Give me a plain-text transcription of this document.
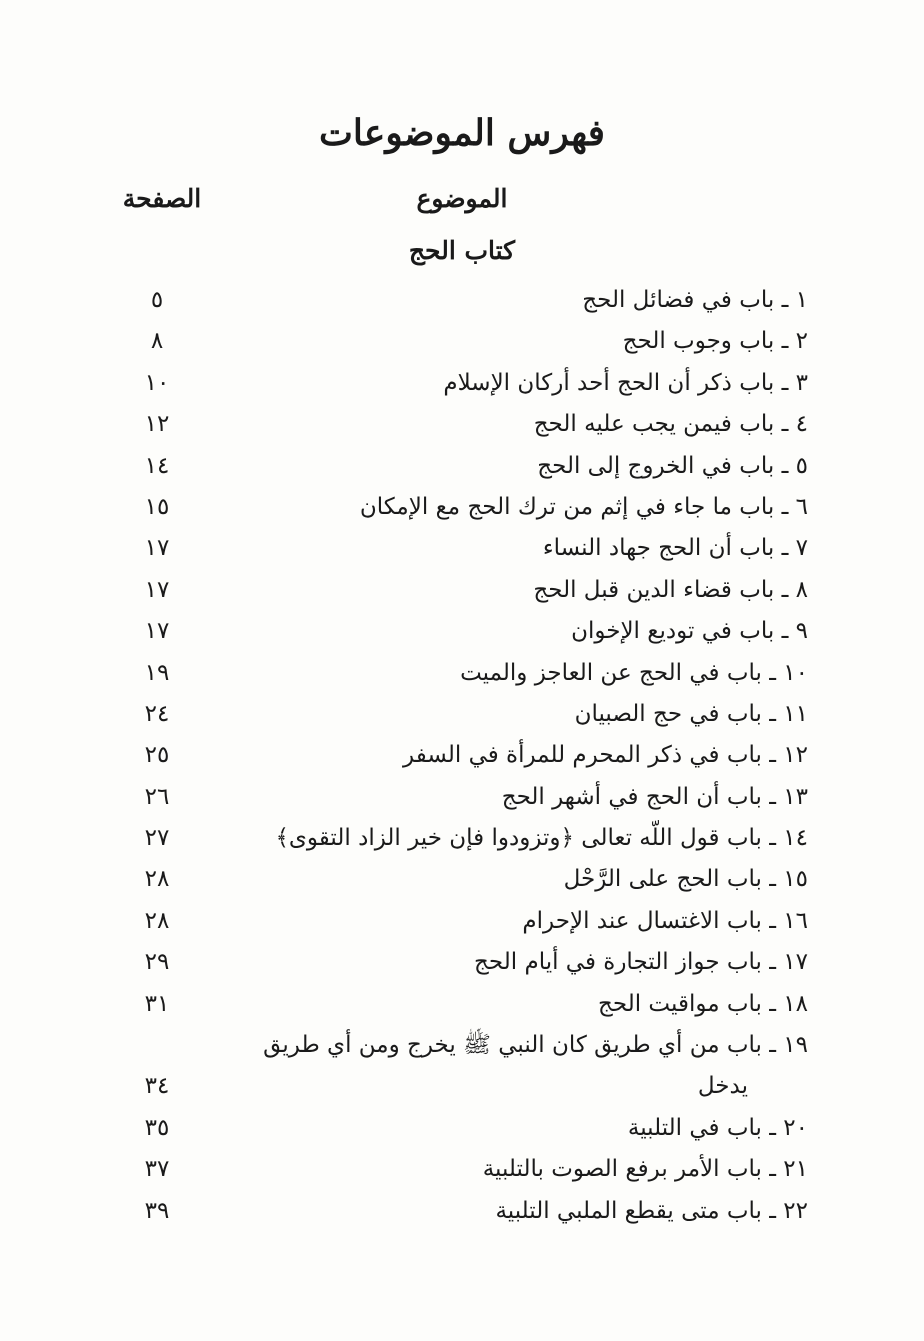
فهرس الموضوعات
الموضوع
الصفحة
كتاب الحج
١ ـ باب في فضائل الحج
٥
٢ ـ باب وجوب الحج
٨
٣ ـ باب ذكر أن الحج أحد أركان الإسلام
١٠
٤ ـ باب فيمن يجب عليه الحج
١٢
٥ ـ باب في الخروج إلى الحج
١٤
٦ ـ باب ما جاء في إثم من ترك الحج مع الإمكان
١٥
٧ ـ باب أن الحج جهاد النساء
١٧
٨ ـ باب قضاء الدين قبل الحج
١٧
٩ ـ باب في توديع الإخوان
١٧
١٠ ـ باب في الحج عن العاجز والميت
١٩
١١ ـ باب في حج الصبيان
٢٤
١٢ ـ باب في ذكر المحرم للمرأة في السفر
٢٥
١٣ ـ باب أن الحج في أشهر الحج
٢٦
١٤ ـ باب قول اللّه تعالى ﴿وتزودوا فإن خير الزاد التقوى﴾
٢٧
١٥ ـ باب الحج على الرَّحْل
٢٨
١٦ ـ باب الاغتسال عند الإحرام
٢٨
١٧ ـ باب جواز التجارة في أيام الحج
٢٩
١٨ ـ باب مواقيت الحج
٣١
١٩ ـ باب من أي طريق كان النبي ﷺ يخرج ومن أي طريق
يدخل
٣٤
٢٠ ـ باب في التلبية
٣٥
٢١ ـ باب الأمر برفع الصوت بالتلبية
٣٧
٢٢ ـ باب متى يقطع الملبي التلبية
٣٩
